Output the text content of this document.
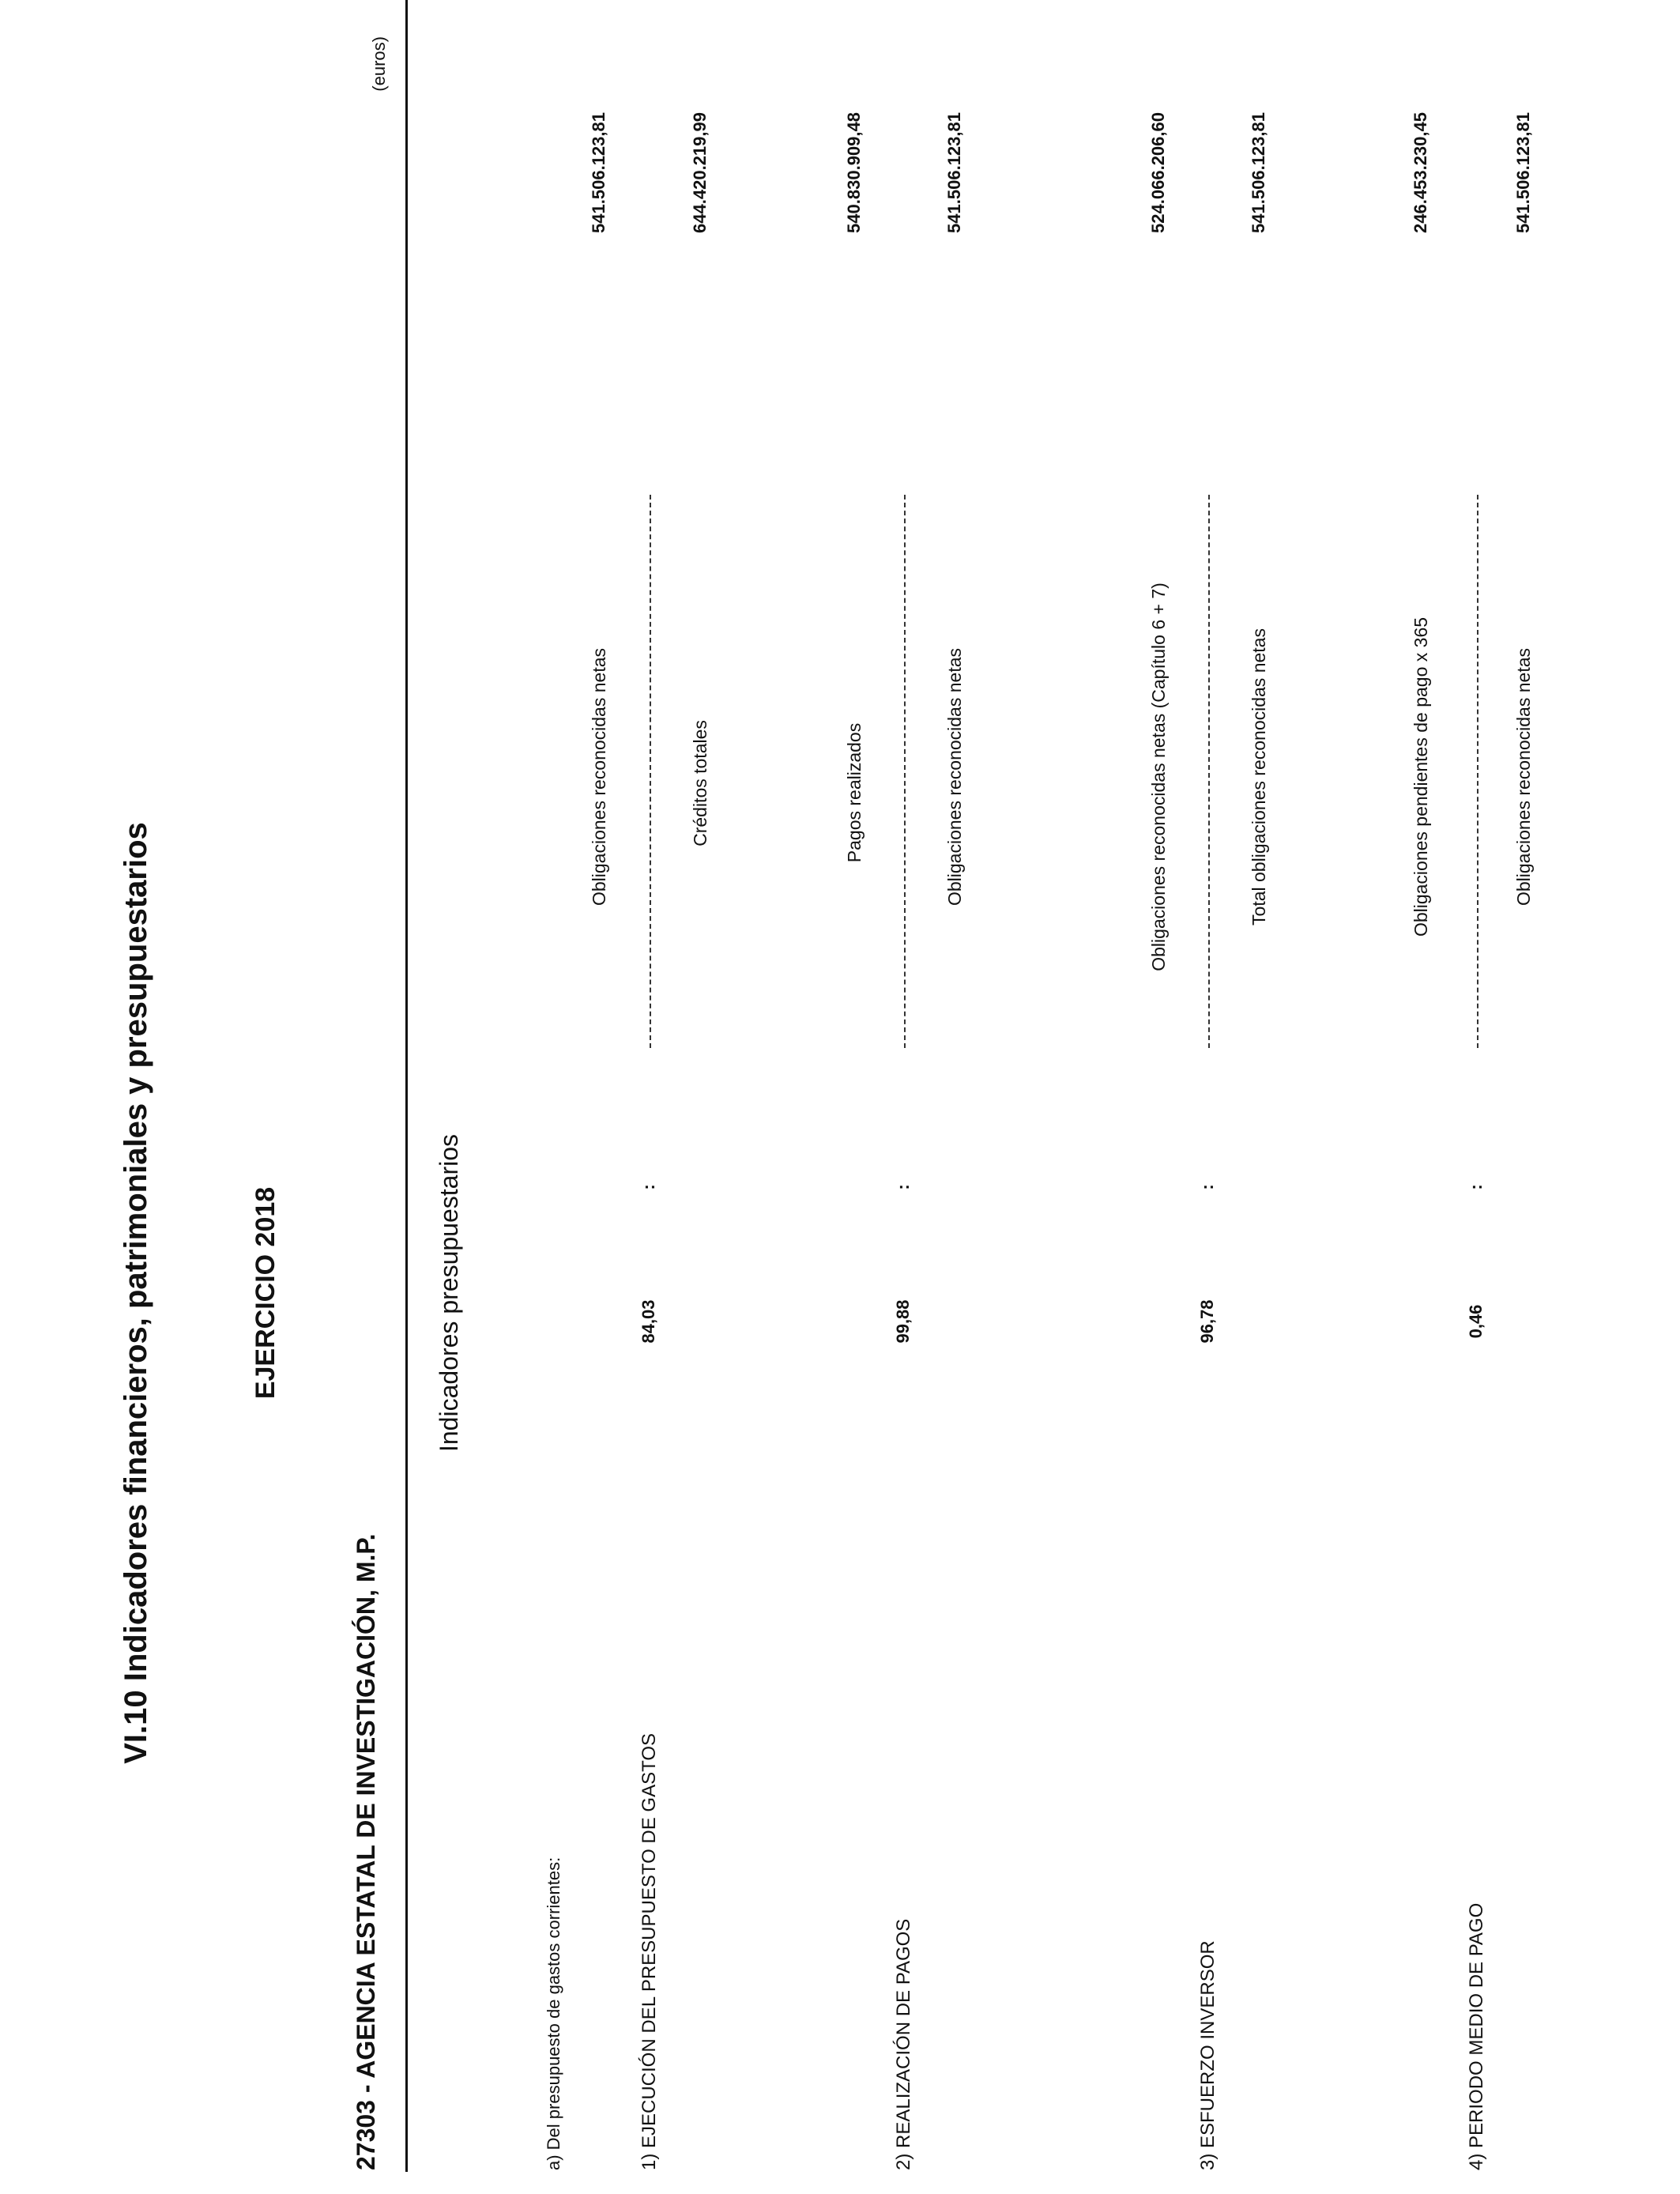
VI.10 Indicadores financieros, patrimoniales y presupuestarios	EJERCICIO 2018
27303 - AGENCIA ESTATAL DE INVESTIGACIÓN, M.P.
(euros)
Indicadores presupuestarios
a) Del presupuesto de gastos corrientes:	1) EJECUCIÓN DEL PRESUPUESTO DE GASTOS
84,03
:
Obligaciones reconocidas netas
541.506.123,81
Créditos totales
644.420.219,99
2) REALIZACIÓN DE PAGOS
99,88
:
Pagos realizados
540.830.909,48
Obligaciones reconocidas netas
541.506.123,81
3) ESFUERZO INVERSOR
96,78
:
Obligaciones reconocidas netas (Capítulo 6 + 7)
524.066.206,60
Total obligaciones reconocidas netas
541.506.123,81
4) PERIODO MEDIO DE PAGO
0,46
:
Obligaciones pendientes de pago x 365
246.453.230,45
Obligaciones reconocidas netas
541.506.123,81
